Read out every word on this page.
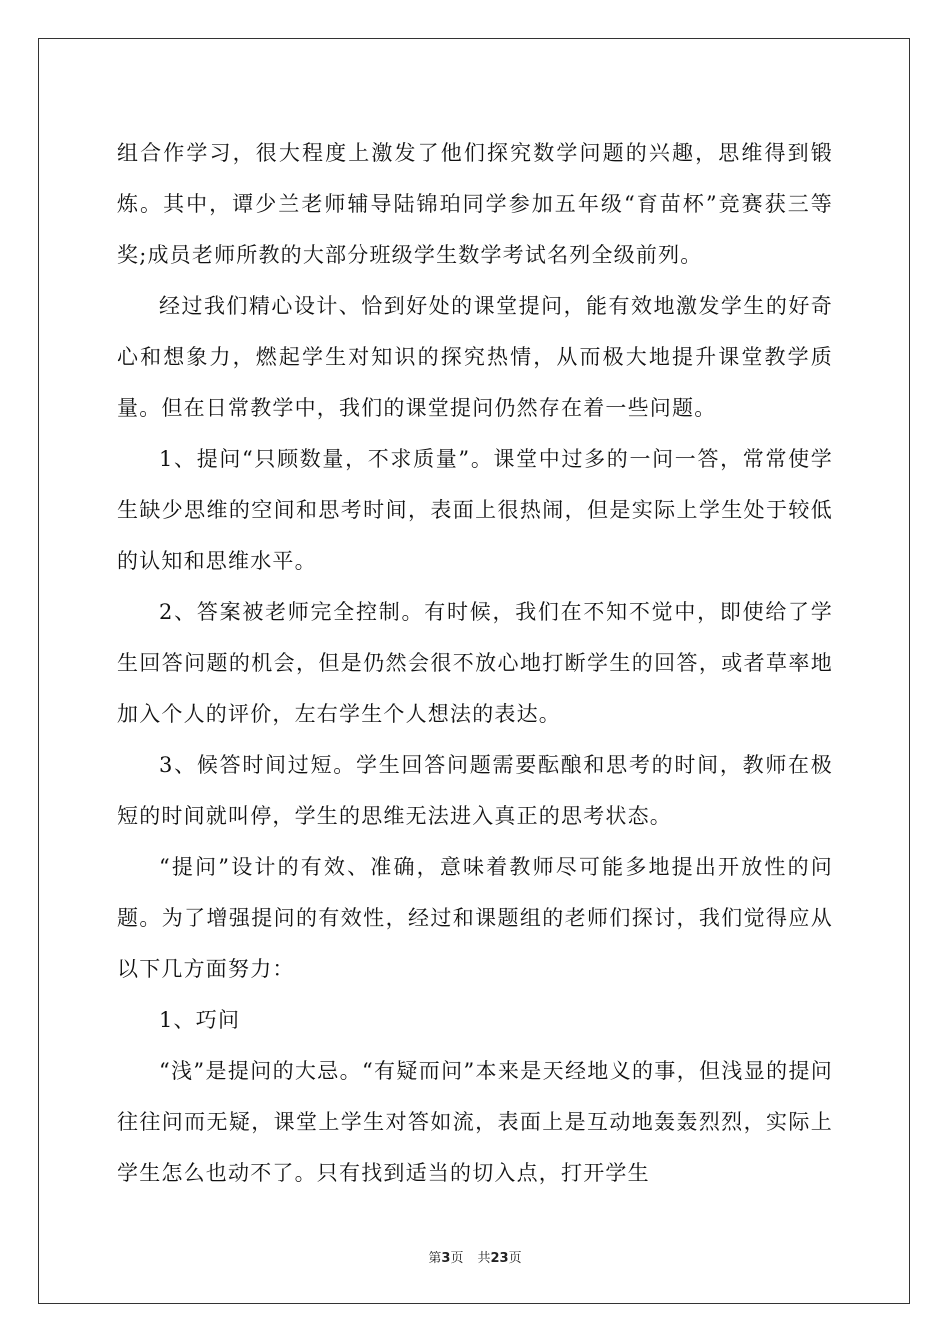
组合作学习，很大程度上激发了他们探究数学问题的兴趣，思维得到锻炼。其中，谭少兰老师辅导陆锦珀同学参加五年级“育苗杯”竞赛获三等奖;成员老师所教的大部分班级学生数学考试名列全级前列。

经过我们精心设计、恰到好处的课堂提问，能有效地激发学生的好奇心和想象力，燃起学生对知识的探究热情，从而极大地提升课堂教学质量。但在日常教学中，我们的课堂提问仍然存在着一些问题。

1、提问“只顾数量，不求质量”。课堂中过多的一问一答，常常使学生缺少思维的空间和思考时间，表面上很热闹，但是实际上学生处于较低的认知和思维水平。

2、答案被老师完全控制。有时候，我们在不知不觉中，即使给了学生回答问题的机会，但是仍然会很不放心地打断学生的回答，或者草率地加入个人的评价，左右学生个人想法的表达。

3、候答时间过短。学生回答问题需要酝酿和思考的时间，教师在极短的时间就叫停，学生的思维无法进入真正的思考状态。

“提问”设计的有效、准确，意味着教师尽可能多地提出开放性的问题。为了增强提问的有效性，经过和课题组的老师们探讨，我们觉得应从以下几方面努力：

1、巧问

“浅”是提问的大忌。“有疑而问”本来是天经地义的事，但浅显的提问往往问而无疑，课堂上学生对答如流，表面上是互动地轰轰烈烈，实际上学生怎么也动不了。只有找到适当的切入点，打开学生

第3页 共23页
